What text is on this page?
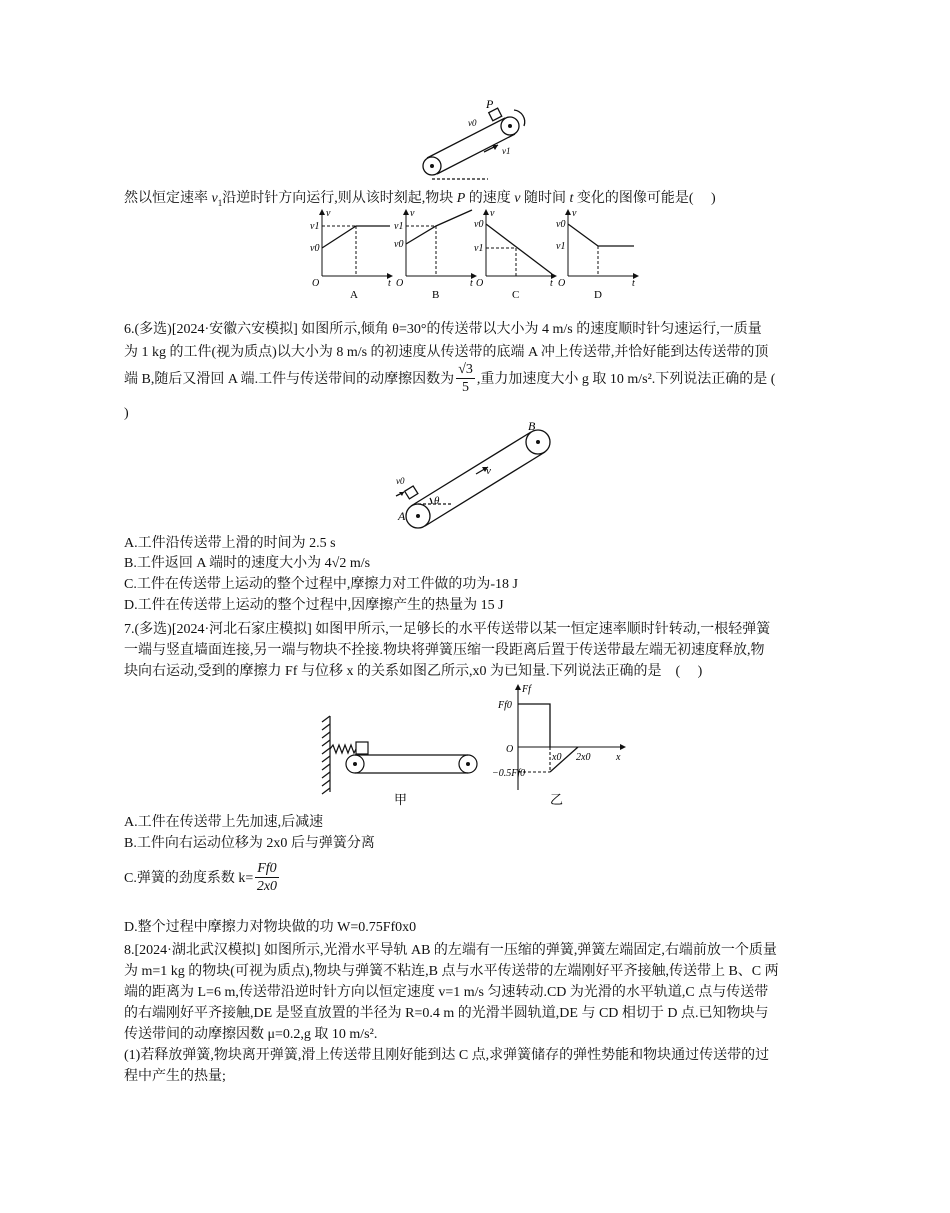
P
v0
v1
然以恒定速率 $v_1$沿逆时针方向运行,则从该时刻起,物块 P 的速度 v 随时间 t 变化的图像可能是(　 )
v
v1
v0
O	t
v
v1
v0
O	t
v
v0
v1
O	t
v
v0
v1
O	t
A	B	C	D
6.(多选)[2024·安徽六安模拟] 如图所示,倾角 θ=30°的传送带以大小为 4 m/s 的速度顺时针匀速运行,一质量
为 1 kg 的工件(视为质点)以大小为 8 m/s 的初速度从传送带的底端 A 冲上传送带,并恰好能到达传送带的顶
端 B,随后又滑回 A 端.工件与传送带间的动摩擦因数为 $\frac{√3}{5}$ ,重力加速度大小 g 取 10 m/s².下列说法正确的是 (
)
B
A
v0
v
θ
A.工件沿传送带上滑的时间为 2.5 s
B.工件返回 A 端时的速度大小为 4√2 m/s
C.工件在传送带上运动的整个过程中,摩擦力对工件做的功为-18 J
D.工件在传送带上运动的整个过程中,因摩擦产生的热量为 15 J
7.(多选)[2024·河北石家庄模拟] 如图甲所示,一足够长的水平传送带以某一恒定速率顺时针转动,一根轻弹簧
一端与竖直墙面连接,另一端与物块不拴接.物块将弹簧压缩一段距离后置于传送带最左端无初速度释放,物
块向右运动,受到的摩擦力 Ff 与位移 x 的关系如图乙所示,x0 为已知量.下列说法正确的是　(　 )
甲
Ff
Ff0
O
−0.5Ff0
x0 2x0	x
乙
A.工件在传送带上先加速,后减速
B.工件向右运动位移为 2x0 后与弹簧分离
C.弹簧的劲度系数 $k= \frac{Ff0}{2x0}$
D.整个过程中摩擦力对物块做的功 W=0.75Ff0x0
8.[2024·湖北武汉模拟] 如图所示,光滑水平导轨 AB 的左端有一压缩的弹簧,弹簧左端固定,右端前放一个质量
为 m=1 kg 的物块(可视为质点),物块与弹簧不粘连,B 点与水平传送带的左端刚好平齐接触,传送带上 B、C 两
端的距离为 L=6 m,传送带沿逆时针方向以恒定速度 v=1 m/s 匀速转动.CD 为光滑的水平轨道,C 点与传送带
的右端刚好平齐接触,DE 是竖直放置的半径为 R=0.4 m 的光滑半圆轨道,DE 与 CD 相切于 D 点.已知物块与
传送带间的动摩擦因数 μ=0.2,g 取 10 m/s².
(1)若释放弹簧,物块离开弹簧,滑上传送带且刚好能到达 C 点,求弹簧储存的弹性势能和物块通过传送带的过
程中产生的热量;
